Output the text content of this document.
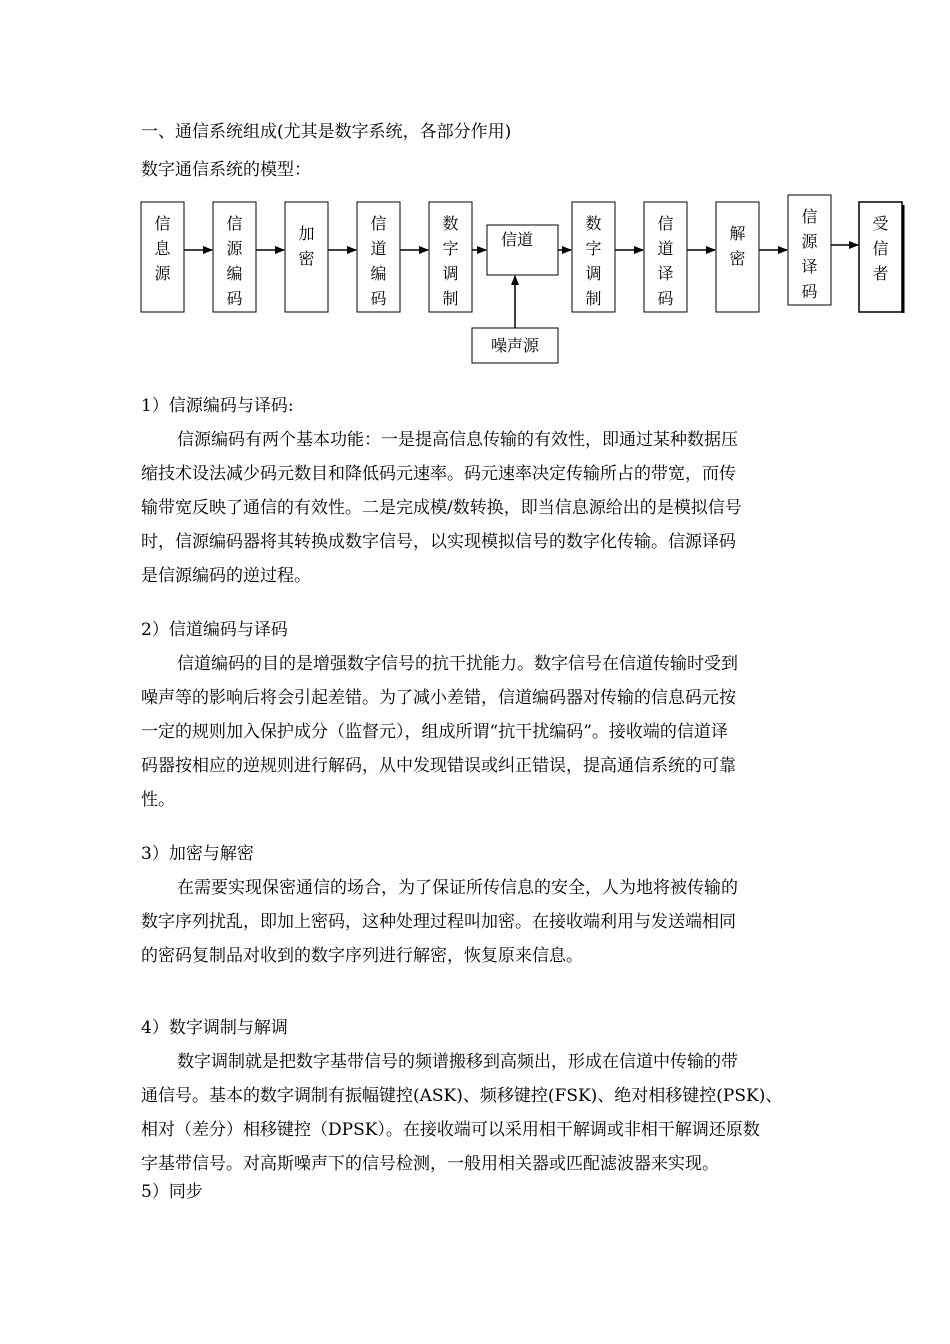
一、通信系统组成(尤其是数字系统，各部分作用)
数字通信系统的模型：
信
息
源
信
源
编
码
加
密
信
道
编
码
数
字
调
制
信道
数
字
调
制
信
道
译
码
解
密
信
源
译
码
受
信
者
噪声源
1）信源编码与译码:
信源编码有两个基本功能：一是提高信息传输的有效性，即通过某种数据压
缩技术设法减少码元数目和降低码元速率。码元速率决定传输所占的带宽，而传
输带宽反映了通信的有效性。二是完成模/数转换，即当信息源给出的是模拟信号
时，信源编码器将其转换成数字信号，以实现模拟信号的数字化传输。信源译码
是信源编码的逆过程。
2）信道编码与译码
信道编码的目的是增强数字信号的抗干扰能力。数字信号在信道传输时受到
噪声等的影响后将会引起差错。为了减小差错，信道编码器对传输的信息码元按
一定的规则加入保护成分（监督元），组成所谓“抗干扰编码”。接收端的信道译
码器按相应的逆规则进行解码，从中发现错误或纠正错误，提高通信系统的可靠
性。
3）加密与解密
在需要实现保密通信的场合，为了保证所传信息的安全，人为地将被传输的
数字序列扰乱，即加上密码，这种处理过程叫加密。在接收端利用与发送端相同
的密码复制品对收到的数字序列进行解密，恢复原来信息。
4）数字调制与解调
数字调制就是把数字基带信号的频谱搬移到高频出，形成在信道中传输的带
通信号。基本的数字调制有振幅键控(ASK)、频移键控(FSK)、绝对相移键控(PSK)、
相对（差分）相移键控（DPSK）。在接收端可以采用相干解调或非相干解调还原数
字基带信号。对高斯噪声下的信号检测，一般用相关器或匹配滤波器来实现。
5）同步
